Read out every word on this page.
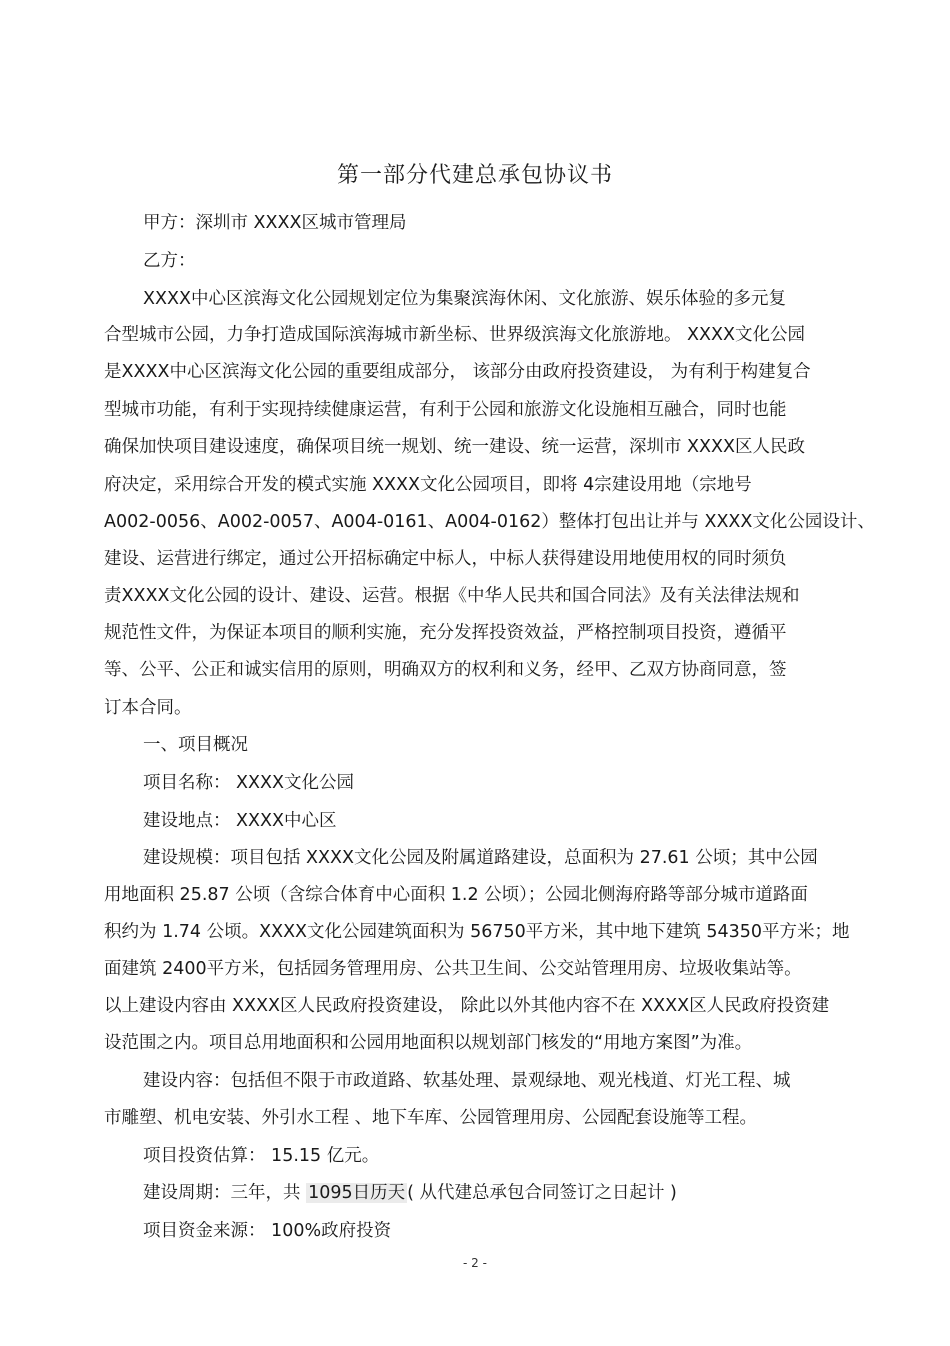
第一部分代建总承包协议书
甲方：深圳市 XXXX区城市管理局
乙方：
XXXX中心区滨海文化公园规划定位为集聚滨海休闲、文化旅游、娱乐体验的多元复
合型城市公园，力争打造成国际滨海城市新坐标、世界级滨海文化旅游地。 XXXX文化公园
是XXXX中心区滨海文化公园的重要组成部分， 该部分由政府投资建设， 为有利于构建复合
型城市功能，有利于实现持续健康运营，有利于公园和旅游文化设施相互融合，同时也能
确保加快项目建设速度，确保项目统一规划、统一建设、统一运营，深圳市 XXXX区人民政
府决定，采用综合开发的模式实施 XXXX文化公园项目，即将 4宗建设用地（宗地号
A002-0056、A002-0057、A004-0161、A004-0162）整体打包出让并与 XXXX文化公园设计、
建设、运营进行绑定，通过公开招标确定中标人，中标人获得建设用地使用权的同时须负
责XXXX文化公园的设计、建设、运营。根据《中华人民共和国合同法》及有关法律法规和
规范性文件，为保证本项目的顺利实施，充分发挥投资效益，严格控制项目投资，遵循平
等、公平、公正和诚实信用的原则，明确双方的权利和义务，经甲、乙双方协商同意，签
订本合同。
一、项目概况
项目名称： XXXX文化公园
建设地点： XXXX中心区
建设规模：项目包括 XXXX文化公园及附属道路建设，总面积为 27.61 公顷；其中公园
用地面积 25.87 公顷（含综合体育中心面积 1.2 公顷）；公园北侧海府路等部分城市道路面
积约为 1.74 公顷。XXXX文化公园建筑面积为 56750平方米，其中地下建筑 54350平方米；地
面建筑 2400平方米，包括园务管理用房、公共卫生间、公交站管理用房、垃圾收集站等。
以上建设内容由 XXXX区人民政府投资建设， 除此以外其他内容不在 XXXX区人民政府投资建
设范围之内。项目总用地面积和公园用地面积以规划部门核发的“用地方案图”为准。
建设内容：包括但不限于市政道路、软基处理、景观绿地、观光栈道、灯光工程、城
市雕塑、机电安装、外引水工程 、地下车库、公园管理用房、公园配套设施等工程。
项目投资估算： 15.15 亿元。
建设周期：三年，共 1095日历天 ( 从代建总承包合同签订之日起计 )
项目资金来源： 100%政府投资
- 2 -
